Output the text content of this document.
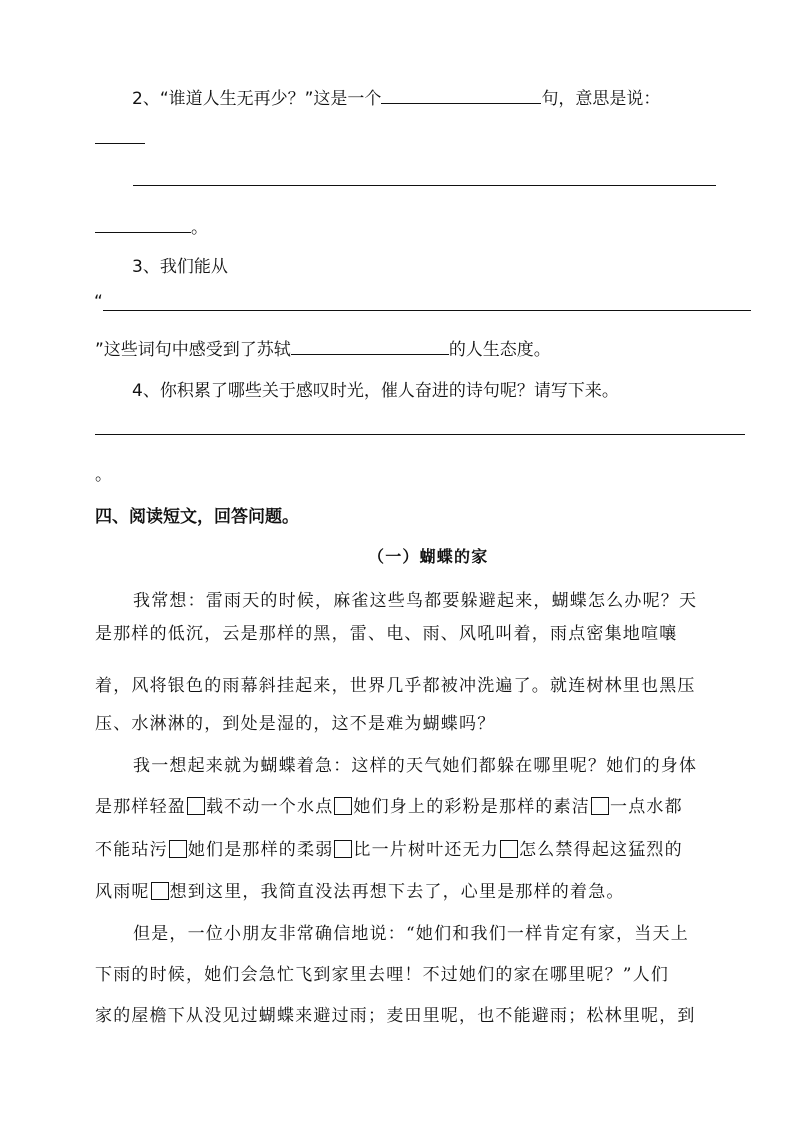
2、“谁道人生无再少？”这是一个	句，意思是说：
。
3、我们能从
“
”这些词句中感受到了苏轼	的人生态度。
4、你积累了哪些关于感叹时光，催人奋进的诗句呢？请写下来。
。
四、阅读短文，回答问题。
（一）蝴蝶的家
我常想：雷雨天的时候，麻雀这些鸟都要躲避起来，蝴蝶怎么办呢？天
是那样的低沉，云是那样的黑，雷、电、雨、风吼叫着，雨点密集地喧嚷
着，风将银色的雨幕斜挂起来，世界几乎都被冲洗遍了。就连树林里也黑压
压、水淋淋的，到处是湿的，这不是难为蝴蝶吗？
我一想起来就为蝴蝶着急：这样的天气她们都躲在哪里呢？她们的身体
是那样轻盈 载不动一个水点 她们身上的彩粉是那样的素洁 一点水都
不能玷污 她们是那样的柔弱 比一片树叶还无力 怎么禁得起这猛烈的
风雨呢 想到这里，我简直没法再想下去了，心里是那样的着急。
但是，一位小朋友非常确信地说：“她们和我们一样肯定有家，当天上
下雨的时候，她们会急忙飞到家里去哩！不过她们的家在哪里呢？”人们
家的屋檐下从没见过蝴蝶来避过雨；麦田里呢，也不能避雨；松林里呢，到
